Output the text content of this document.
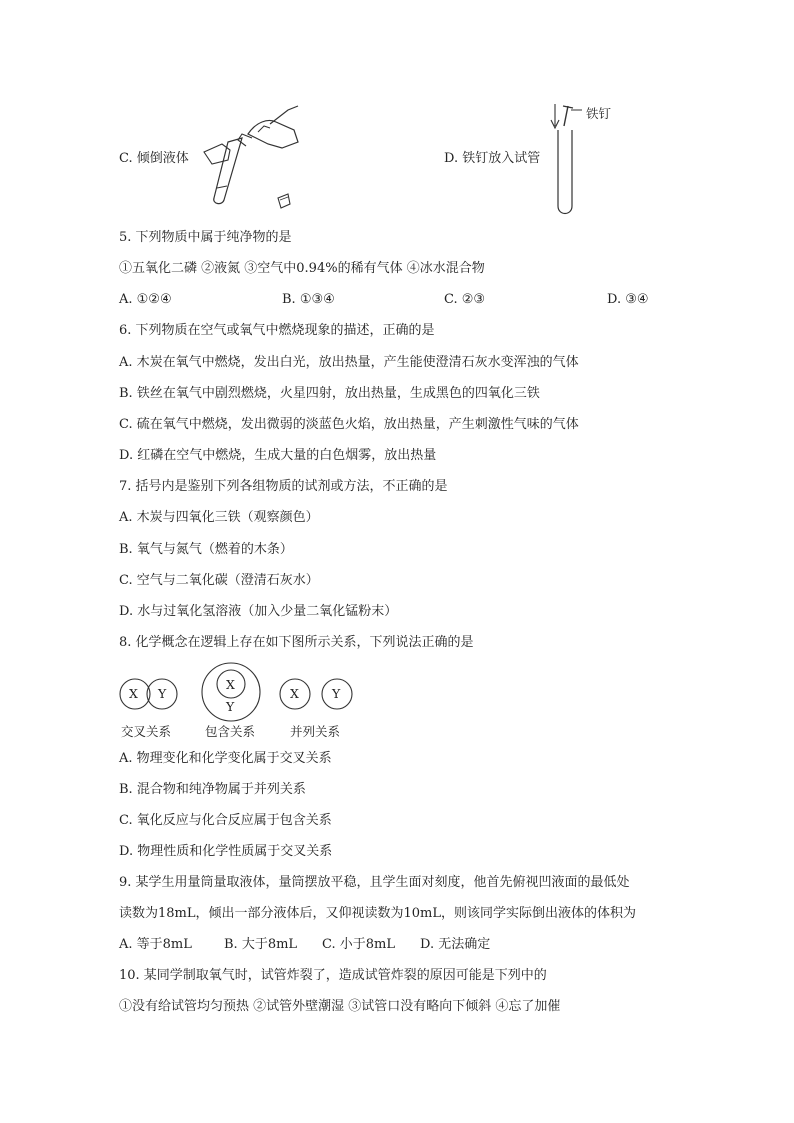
C. 倾倒液体	D. 铁钉放入试管
铁钉
5. 下列物质中属于纯净物的是
①五氧化二磷 ②液氮 ③空气中0.94%的稀有气体 ④冰水混合物
A. ①②④	B. ①③④	C. ②③	D. ③④
6. 下列物质在空气或氧气中燃烧现象的描述，正确的是
A. 木炭在氧气中燃烧，发出白光，放出热量，产生能使澄清石灰水变浑浊的气体
B. 铁丝在氧气中剧烈燃烧，火星四射，放出热量，生成黑色的四氧化三铁
C. 硫在氧气中燃烧，发出微弱的淡蓝色火焰，放出热量，产生刺激性气味的气体
D. 红磷在空气中燃烧，生成大量的白色烟雾，放出热量
7. 括号内是鉴别下列各组物质的试剂或方法，不正确的是
A. 木炭与四氧化三铁（观察颜色）
B. 氧气与氮气（燃着的木条）
C. 空气与二氧化碳（澄清石灰水）
D. 水与过氧化氢溶液（加入少量二氧化锰粉末）
8. 化学概念在逻辑上存在如下图所示关系，下列说法正确的是
X Y
X
Y
X	Y
交叉关系	包含关系	并列关系
A. 物理变化和化学变化属于交叉关系
B. 混合物和纯净物属于并列关系
C. 氧化反应与化合反应属于包含关系
D. 物理性质和化学性质属于交叉关系
9. 某学生用量筒量取液体，量筒摆放平稳，且学生面对刻度，他首先俯视凹液面的最低处
读数为18mL，倾出一部分液体后，又仰视读数为10mL，则该同学实际倒出液体的体积为
A. 等于8mL B. 大于8mL C. 小于8mL D. 无法确定
10. 某同学制取氧气时，试管炸裂了，造成试管炸裂的原因可能是下列中的
①没有给试管均匀预热 ②试管外壁潮湿 ③试管口没有略向下倾斜 ④忘了加催
